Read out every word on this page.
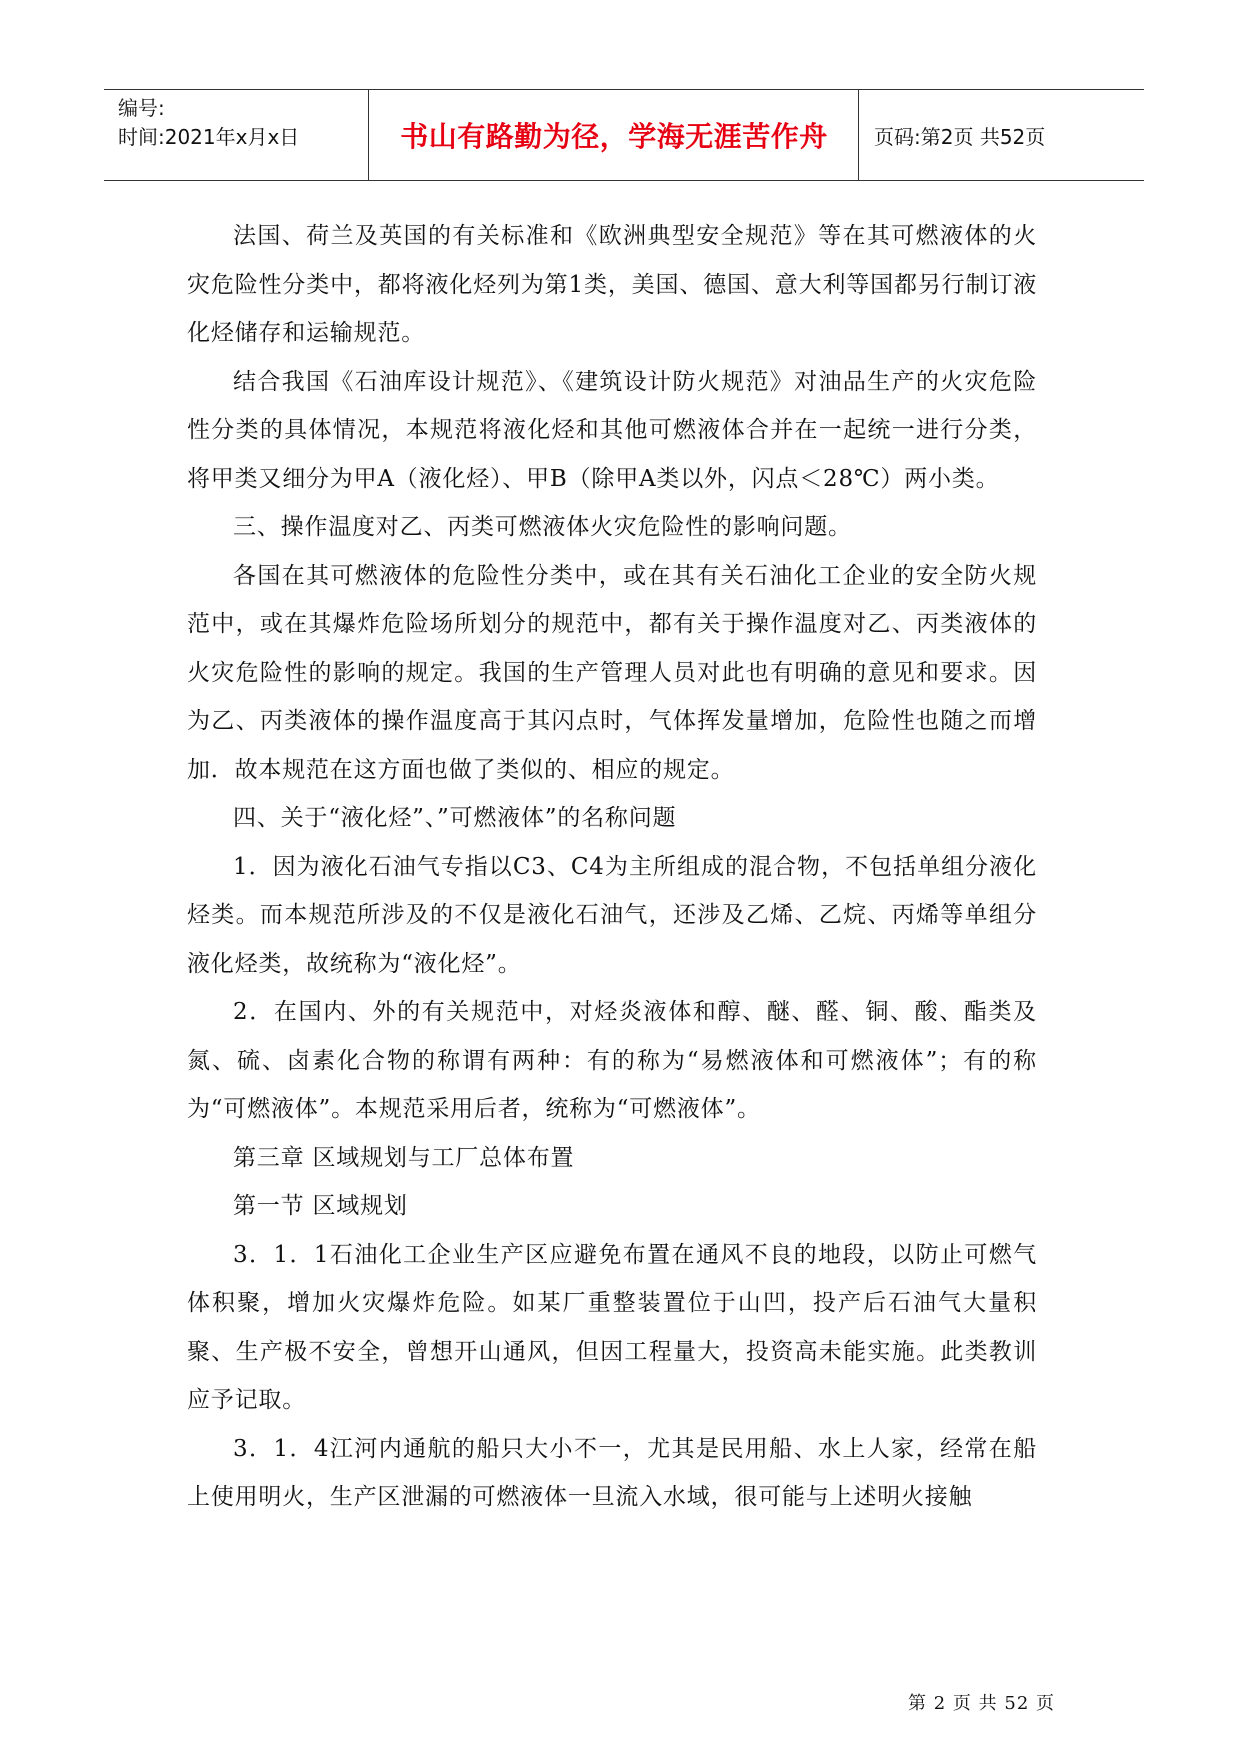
编号:
时间:2021年x月x日	书山有路勤为径，学海无涯苦作舟	页码:第2页 共52页

法国、荷兰及英国的有关标准和《欧洲典型安全规范》等在其可燃液体的火灾危险性分类中，都将液化烃列为第1类，美国、德国、意大利等国都另行制订液化烃储存和运输规范。

结合我国《石油库设计规范》、《建筑设计防火规范》对油品生产的火灾危险性分类的具体情况，本规范将液化烃和其他可燃液体合并在一起统一进行分类，将甲类又细分为甲A（液化烃）、甲B（除甲A类以外，闪点＜28℃）两小类。

三、操作温度对乙、丙类可燃液体火灾危险性的影响问题。

各国在其可燃液体的危险性分类中，或在其有关石油化工企业的安全防火规范中，或在其爆炸危险场所划分的规范中，都有关于操作温度对乙、丙类液体的火灾危险性的影响的规定。我国的生产管理人员对此也有明确的意见和要求。因为乙、丙类液体的操作温度高于其闪点时，气体挥发量增加，危险性也随之而增加．故本规范在这方面也做了类似的、相应的规定。

四、关于“液化烃”、”可燃液体”的名称问题

1．因为液化石油气专指以C3、C4为主所组成的混合物，不包括单组分液化烃类。而本规范所涉及的不仅是液化石油气，还涉及乙烯、乙烷、丙烯等单组分液化烃类，故统称为“液化烃”。

2．在国内、外的有关规范中，对烃炎液体和醇、醚、醛、铜、酸、酯类及氮、硫、卤素化合物的称谓有两种：有的称为“易燃液体和可燃液体”；有的称为“可燃液体”。本规范采用后者，统称为“可燃液体”。

第三章 区域规划与工厂总体布置

第一节 区域规划

3．1．1石油化工企业生产区应避免布置在通风不良的地段，以防止可燃气体积聚，增加火灾爆炸危险。如某厂重整装置位于山凹，投产后石油气大量积聚、生产极不安全，曾想开山通风，但因工程量大，投资高未能实施。此类教训应予记取。

3．1．4江河内通航的船只大小不一，尤其是民用船、水上人家，经常在船上使用明火，生产区泄漏的可燃液体一旦流入水域，很可能与上述明火接触

第 2 页 共 52 页
